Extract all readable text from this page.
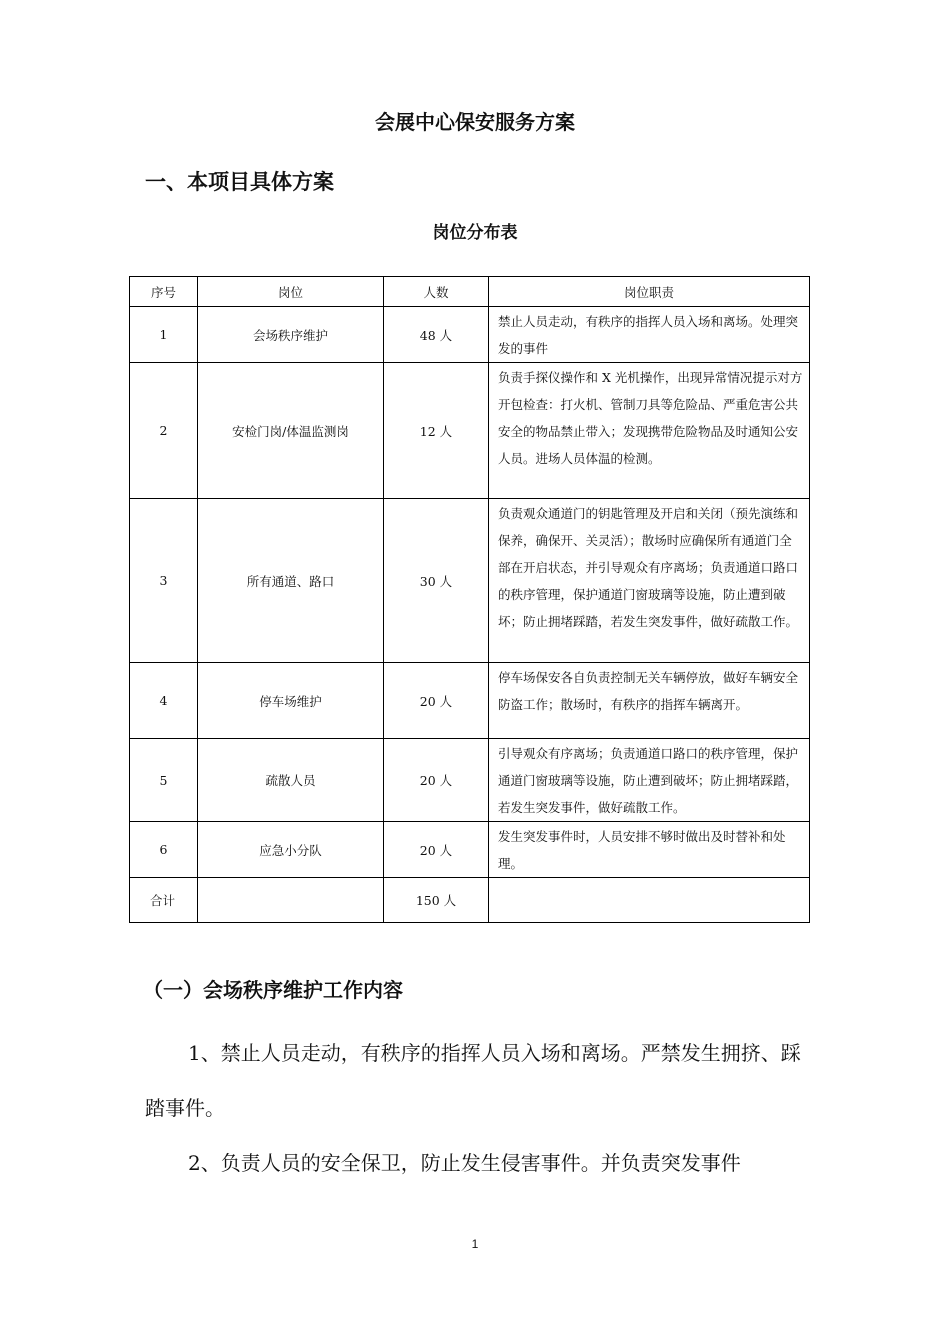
会展中心保安服务方案
一、本项目具体方案
岗位分布表
序号	岗位	人数	岗位职责
1	会场秩序维护	48 人	禁止人员走动，有秩序的指挥人员入场和离场。处理突发的事件
2	安检门岗/体温监测岗	12 人	负责手探仪操作和 X 光机操作，出现异常情况提示对方开包检查：打火机、管制刀具等危险品、严重危害公共安全的物品禁止带入；发现携带危险物品及时通知公安人员。进场人员体温的检测。
3	所有通道、路口	30 人	负责观众通道门的钥匙管理及开启和关闭（预先演练和保养，确保开、关灵活）；散场时应确保所有通道门全部在开启状态，并引导观众有序离场；负责通道口路口的秩序管理，保护通道门窗玻璃等设施，防止遭到破坏；防止拥堵踩踏，若发生突发事件，做好疏散工作。
4	停车场维护	20 人	停车场保安各自负责控制无关车辆停放，做好车辆安全防盗工作；散场时，有秩序的指挥车辆离开。
5	疏散人员	20 人	引导观众有序离场；负责通道口路口的秩序管理，保护通道门窗玻璃等设施，防止遭到破坏；防止拥堵踩踏，若发生突发事件，做好疏散工作。
6	应急小分队	20 人	发生突发事件时，人员安排不够时做出及时替补和处理。
合计		150 人	
（一）会场秩序维护工作内容

1、禁止人员走动，有秩序的指挥人员入场和离场。严禁发生拥挤、踩踏事件。

2、负责人员的安全保卫，防止发生侵害事件。并负责突发事件

1
